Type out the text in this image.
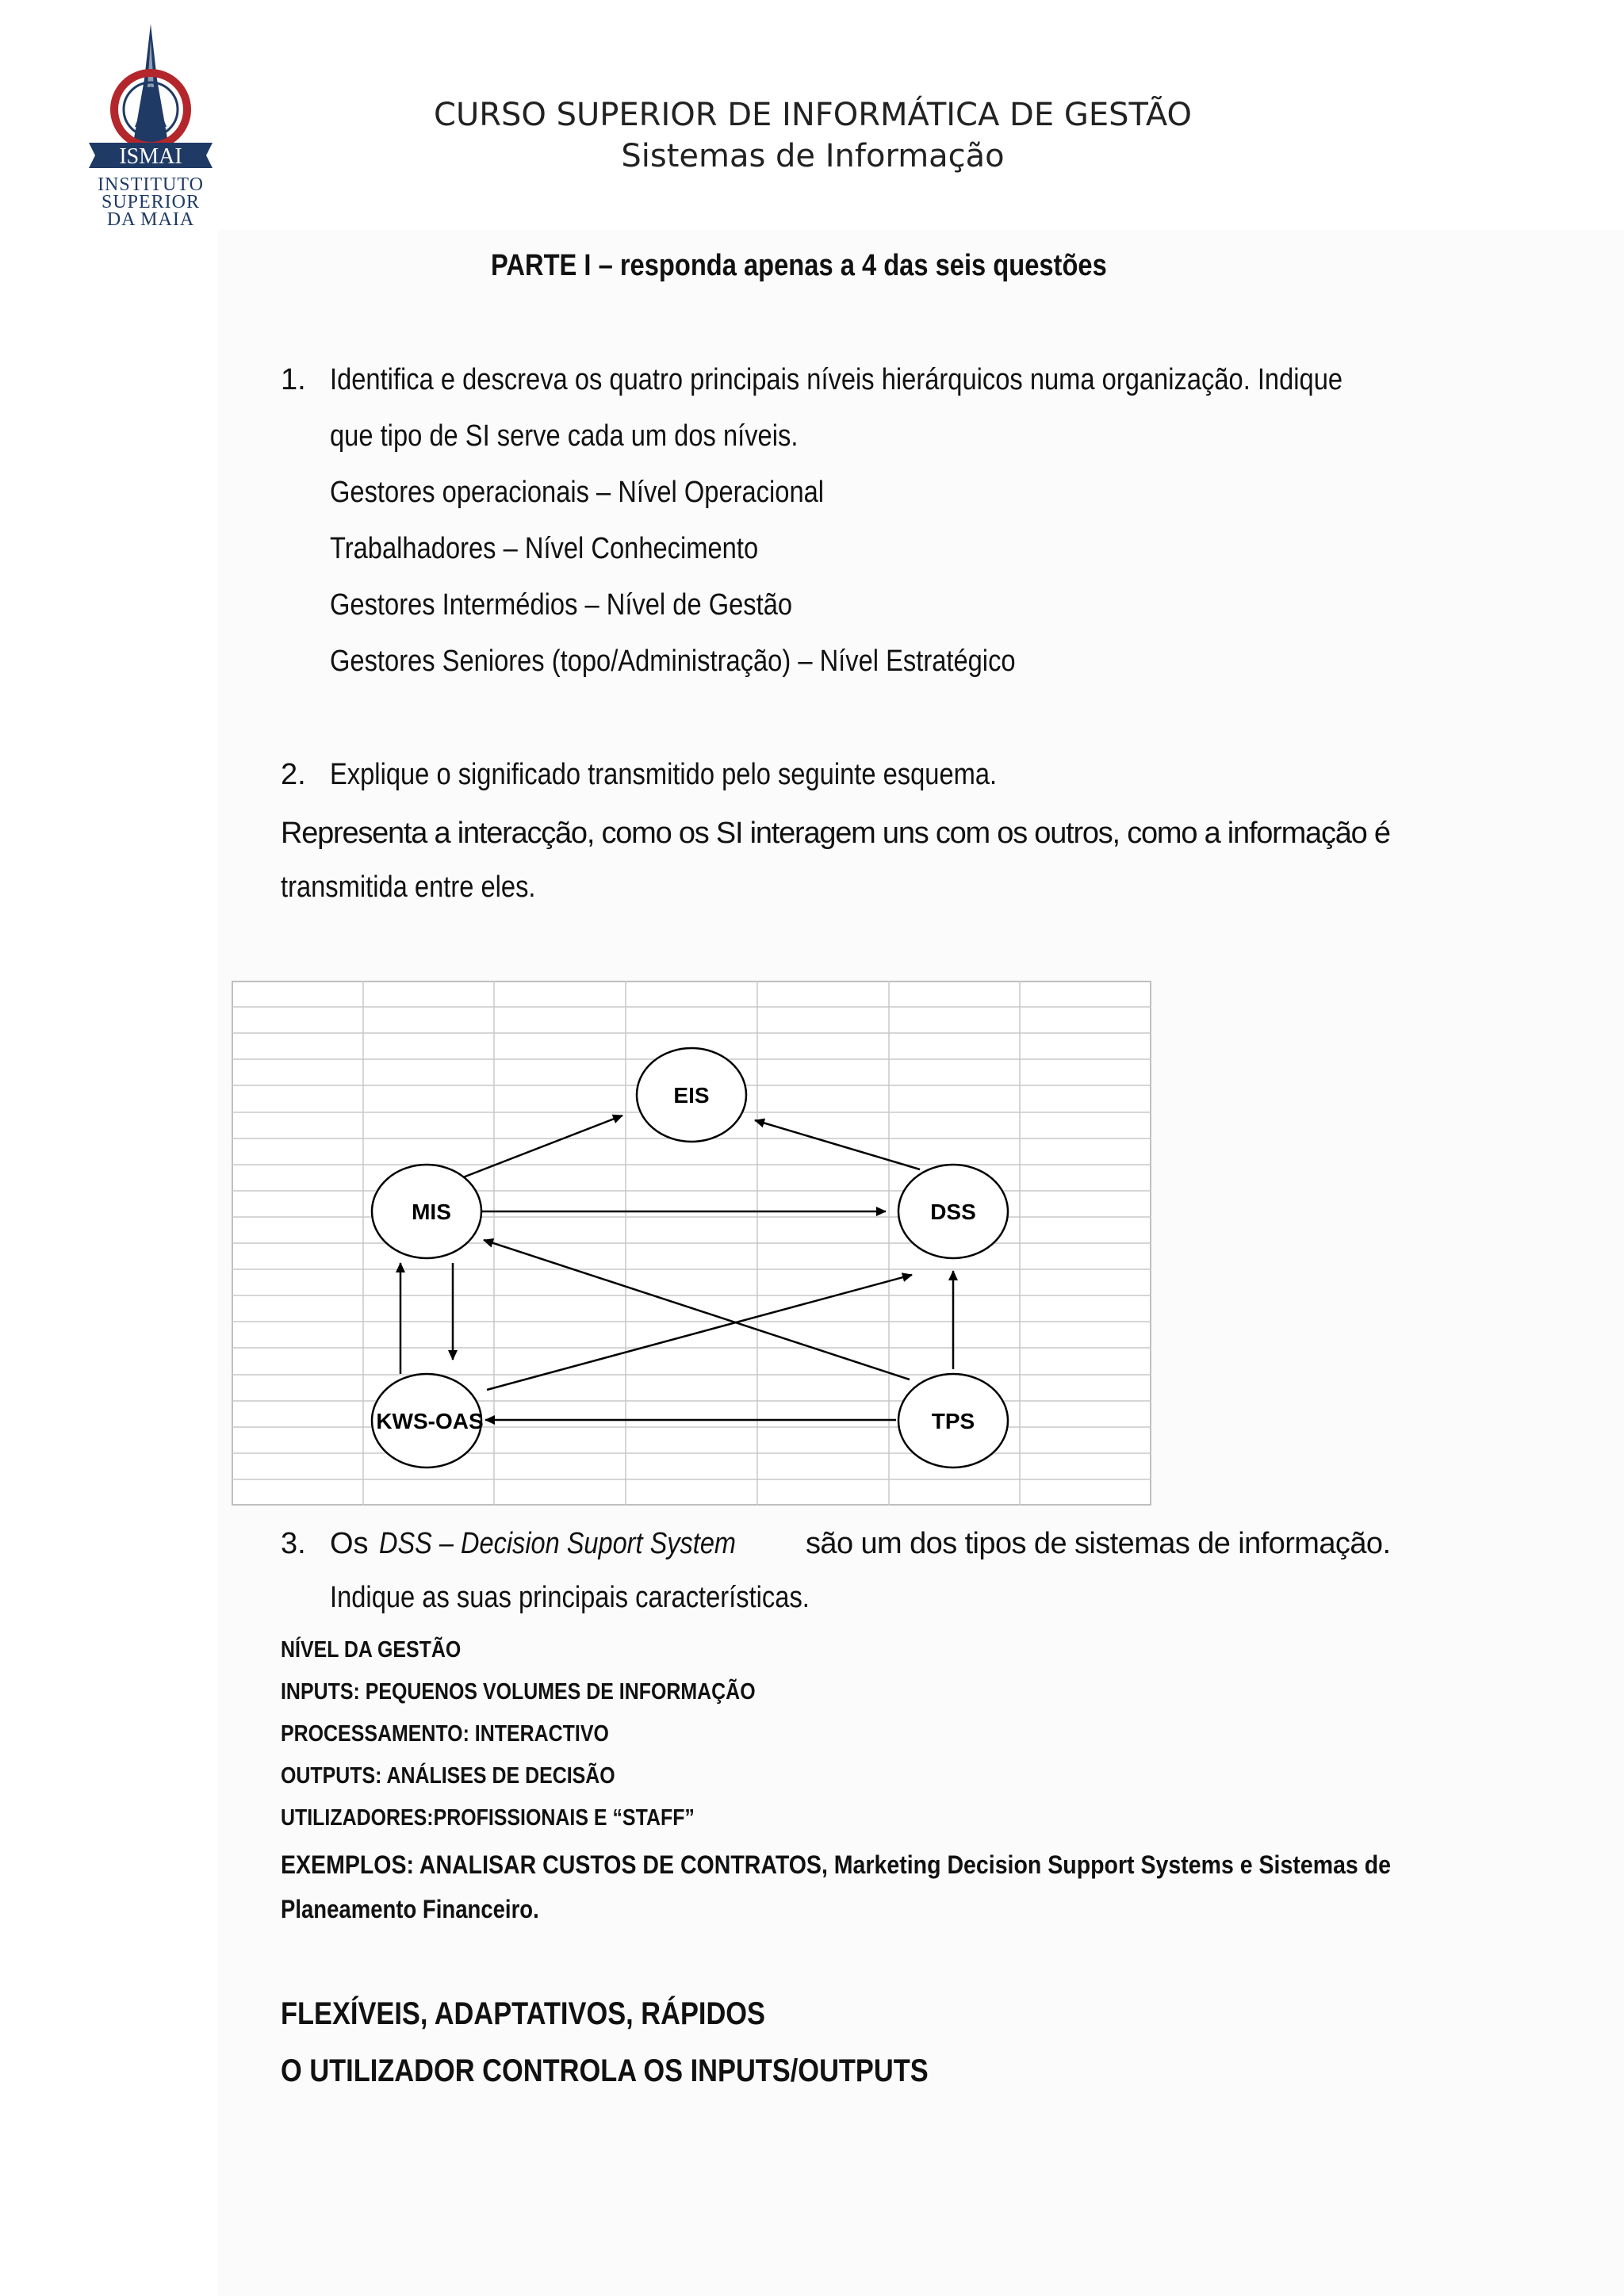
ISMAI
INSTITUTO
SUPERIOR
DA MAIA
CURSO SUPERIOR DE INFORMÁTICA DE GESTÃO
Sistemas de Informação
PARTE I – responda apenas a 4 das seis questões
1. Identifica e descreva os quatro principais níveis hierárquicos numa organização. Indique
que tipo de SI serve cada um dos níveis.
Gestores operacionais – Nível Operacional
Trabalhadores – Nível Conhecimento
Gestores Intermédios – Nível de Gestão
Gestores Seniores (topo/Administração) – Nível Estratégico
2. Explique o significado transmitido pelo seguinte esquema.
Representa a interacção, como os SI interagem uns com os outros, como a informação é
transmitida entre eles.
EIS
MIS	DSS
KWS-OAS	TPS
3. Os DSS – Decision Suport System são um dos tipos de sistemas de informação.
Indique as suas principais características.
NÍVEL DA GESTÃO
INPUTS: PEQUENOS VOLUMES DE INFORMAÇÃO
PROCESSAMENTO: INTERACTIVO
OUTPUTS: ANÁLISES DE DECISÃO
UTILIZADORES:PROFISSIONAIS E “STAFF”
EXEMPLOS: ANALISAR CUSTOS DE CONTRATOS, Marketing Decision Support Systems e Sistemas de
Planeamento Financeiro.
FLEXÍVEIS, ADAPTATIVOS, RÁPIDOS
O UTILIZADOR CONTROLA OS INPUTS/OUTPUTS
